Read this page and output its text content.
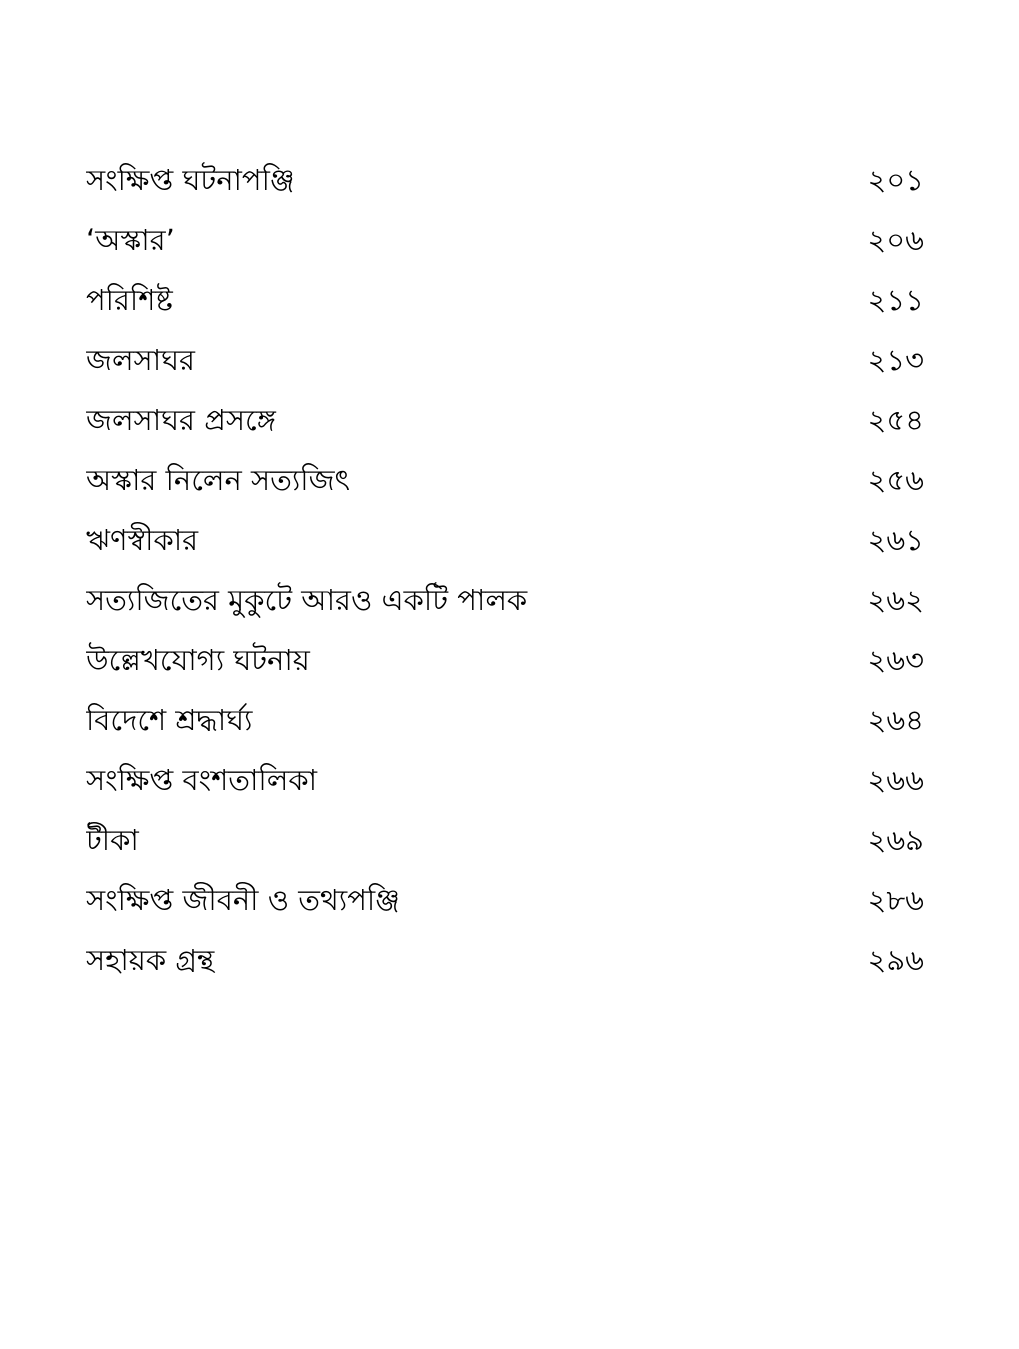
সংক্ষিপ্ত ঘটনাপঞ্জি	২০১
‘অস্কার’	২০৬
পরিশিষ্ট	২১১
জলসাঘর	২১৩
জলসাঘর প্রসঙ্গে	২৫৪
অস্কার নিলেন সত্যজিৎ	২৫৬
ঋণস্বীকার	২৬১
সত্যজিতের মুকুটে আরও একটি পালক	২৬২
উল্লেখযোগ্য ঘটনায়	২৬৩
বিদেশে শ্রদ্ধার্ঘ্য	২৬৪
সংক্ষিপ্ত বংশতালিকা	২৬৬
টীকা	২৬৯
সংক্ষিপ্ত জীবনী ও তথ্যপঞ্জি	২৮৬
সহায়ক গ্রন্থ	২৯৬
